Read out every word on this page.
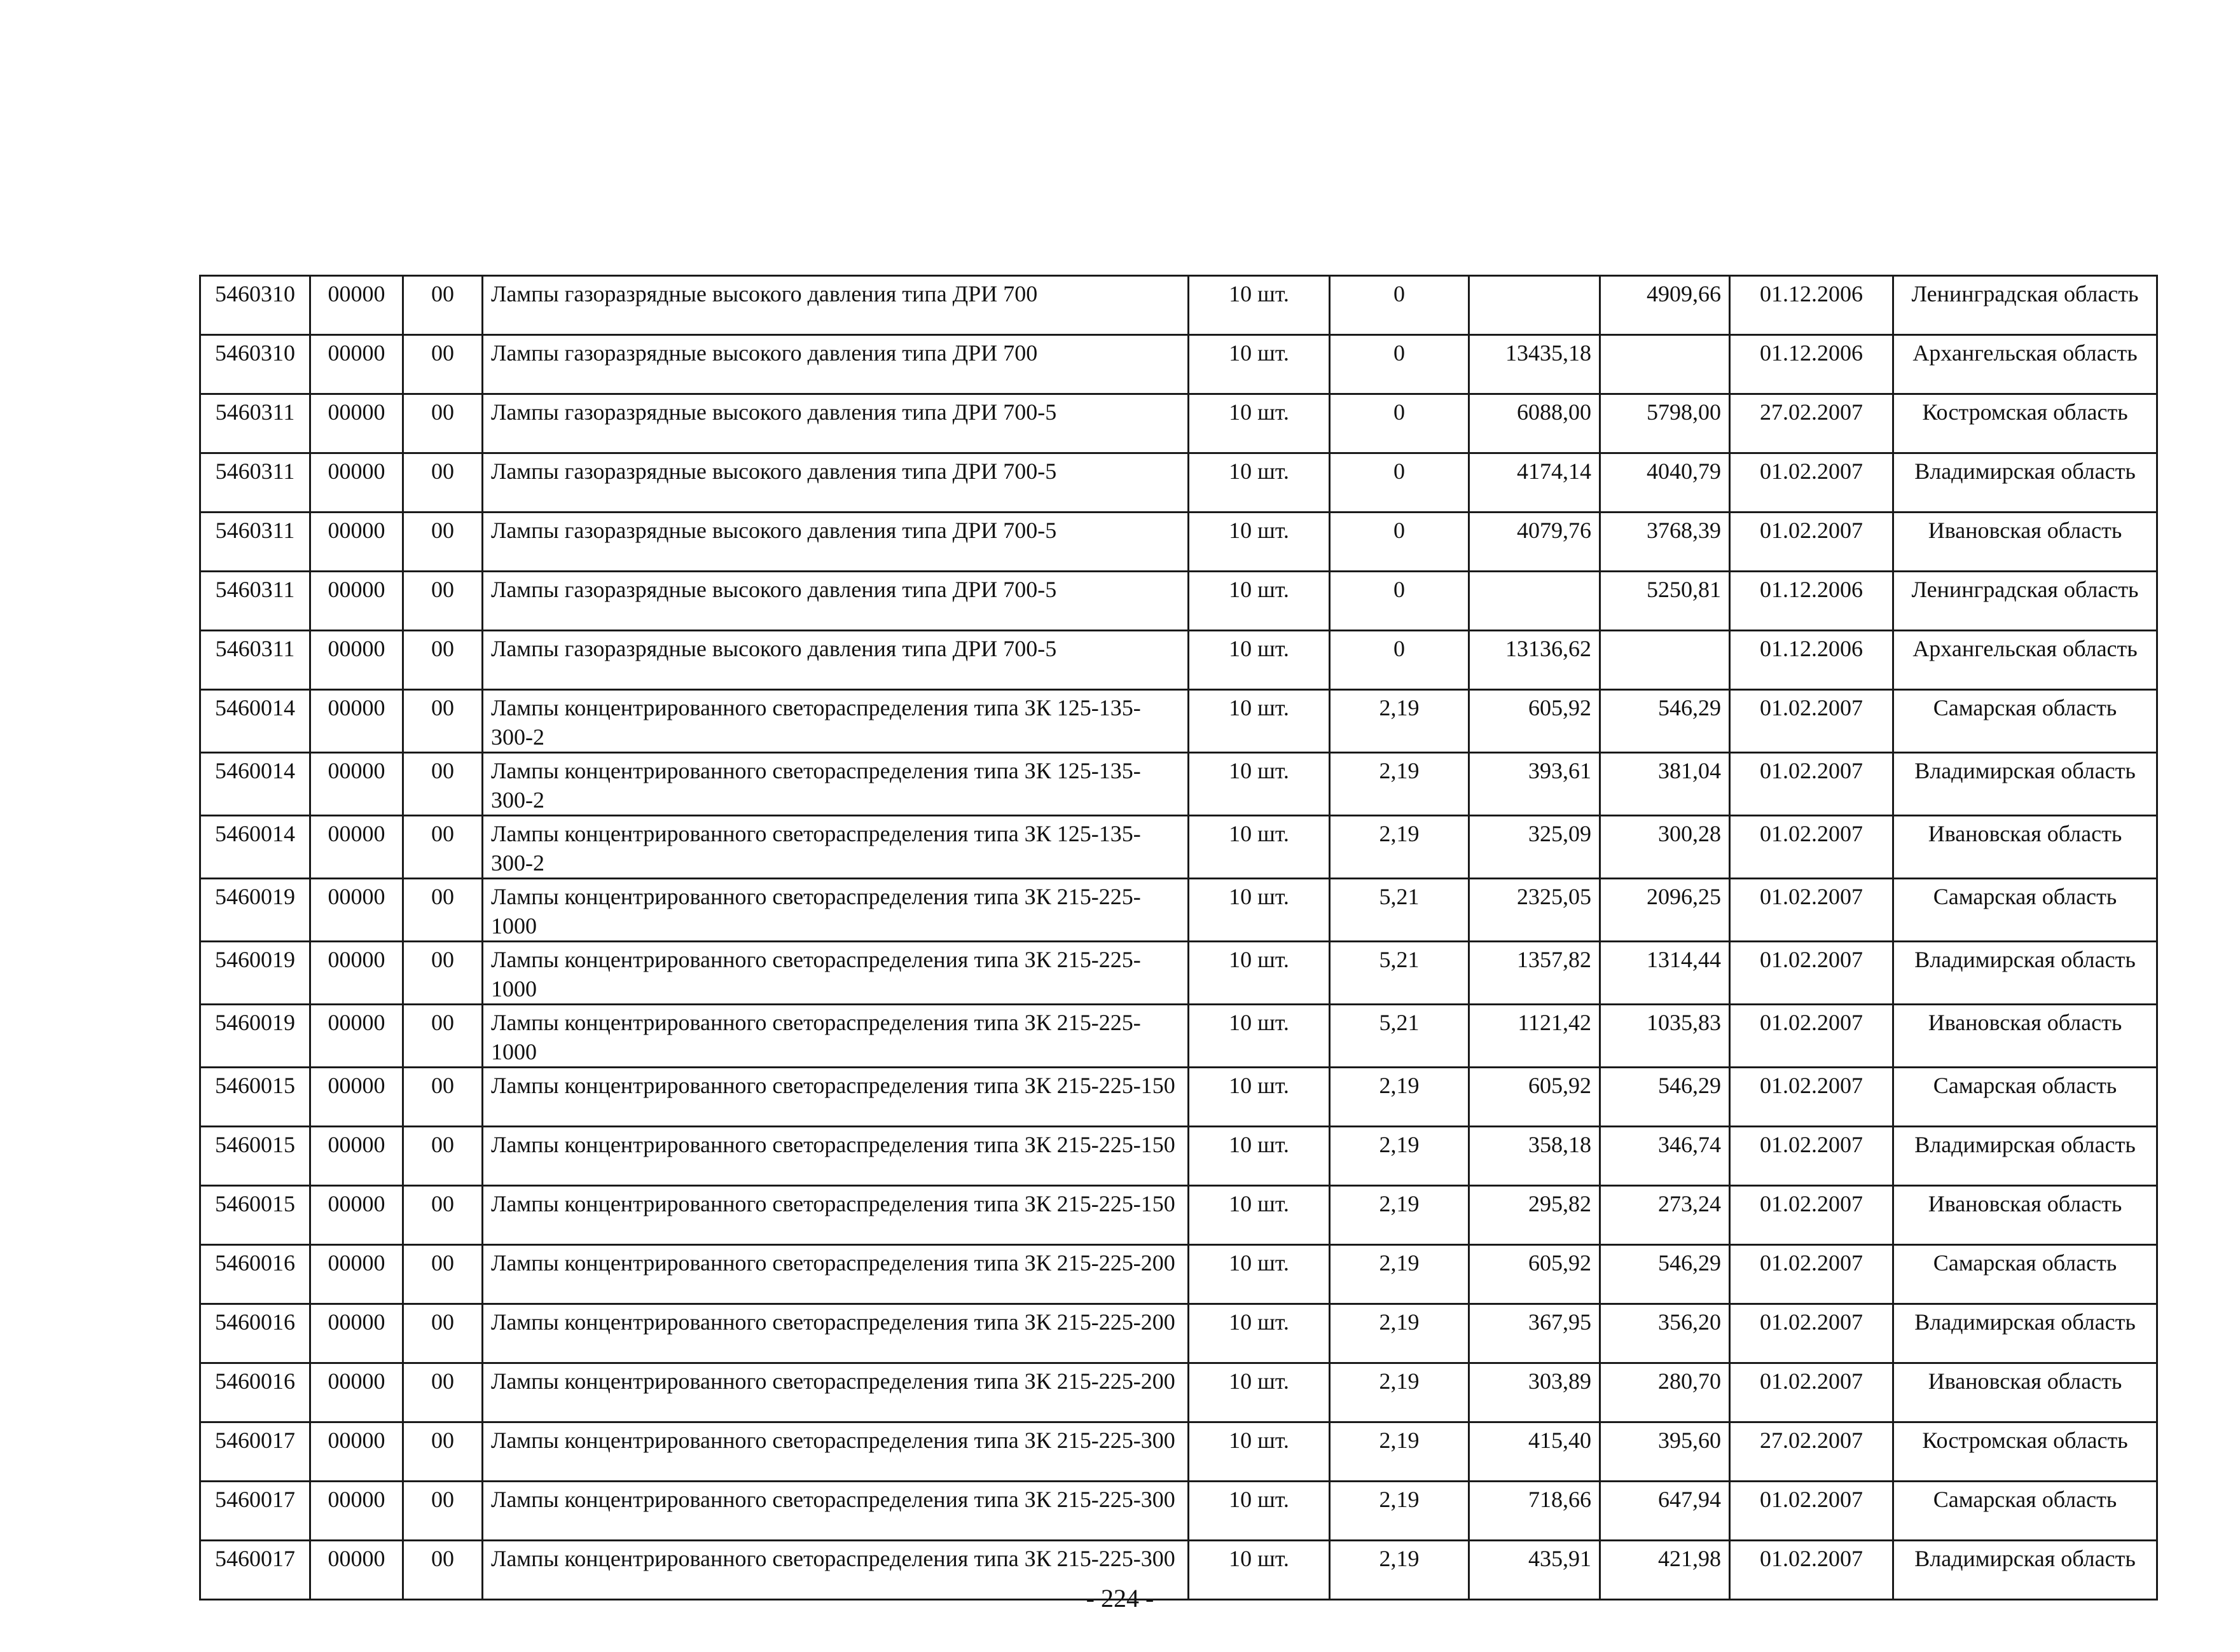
5460310	00000	00	Лампы газоразрядные высокого давления типа ДРИ 700	10 шт.	0		4909,66	01.12.2006	Ленинградская область
5460310	00000	00	Лампы газоразрядные высокого давления типа ДРИ 700	10 шт.	0	13435,18		01.12.2006	Архангельская область
5460311	00000	00	Лампы газоразрядные высокого давления типа ДРИ 700-5	10 шт.	0	6088,00	5798,00	27.02.2007	Костромская область
5460311	00000	00	Лампы газоразрядные высокого давления типа ДРИ 700-5	10 шт.	0	4174,14	4040,79	01.02.2007	Владимирская область
5460311	00000	00	Лампы газоразрядные высокого давления типа ДРИ 700-5	10 шт.	0	4079,76	3768,39	01.02.2007	Ивановская область
5460311	00000	00	Лампы газоразрядные высокого давления типа ДРИ 700-5	10 шт.	0		5250,81	01.12.2006	Ленинградская область
5460311	00000	00	Лампы газоразрядные высокого давления типа ДРИ 700-5	10 шт.	0	13136,62		01.12.2006	Архангельская область
5460014	00000	00	Лампы концентрированного светораспределения типа ЗК 125-135-300-2	10 шт.	2,19	605,92	546,29	01.02.2007	Самарская область
5460014	00000	00	Лампы концентрированного светораспределения типа ЗК 125-135-300-2	10 шт.	2,19	393,61	381,04	01.02.2007	Владимирская область
5460014	00000	00	Лампы концентрированного светораспределения типа ЗК 125-135-300-2	10 шт.	2,19	325,09	300,28	01.02.2007	Ивановская область
5460019	00000	00	Лампы концентрированного светораспределения типа ЗК 215-225-1000	10 шт.	5,21	2325,05	2096,25	01.02.2007	Самарская область
5460019	00000	00	Лампы концентрированного светораспределения типа ЗК 215-225-1000	10 шт.	5,21	1357,82	1314,44	01.02.2007	Владимирская область
5460019	00000	00	Лампы концентрированного светораспределения типа ЗК 215-225-1000	10 шт.	5,21	1121,42	1035,83	01.02.2007	Ивановская область
5460015	00000	00	Лампы концентрированного светораспределения типа ЗК 215-225-150	10 шт.	2,19	605,92	546,29	01.02.2007	Самарская область
5460015	00000	00	Лампы концентрированного светораспределения типа ЗК 215-225-150	10 шт.	2,19	358,18	346,74	01.02.2007	Владимирская область
5460015	00000	00	Лампы концентрированного светораспределения типа ЗК 215-225-150	10 шт.	2,19	295,82	273,24	01.02.2007	Ивановская область
5460016	00000	00	Лампы концентрированного светораспределения типа ЗК 215-225-200	10 шт.	2,19	605,92	546,29	01.02.2007	Самарская область
5460016	00000	00	Лампы концентрированного светораспределения типа ЗК 215-225-200	10 шт.	2,19	367,95	356,20	01.02.2007	Владимирская область
5460016	00000	00	Лампы концентрированного светораспределения типа ЗК 215-225-200	10 шт.	2,19	303,89	280,70	01.02.2007	Ивановская область
5460017	00000	00	Лампы концентрированного светораспределения типа ЗК 215-225-300	10 шт.	2,19	415,40	395,60	27.02.2007	Костромская область
5460017	00000	00	Лампы концентрированного светораспределения типа ЗК 215-225-300	10 шт.	2,19	718,66	647,94	01.02.2007	Самарская область
5460017	00000	00	Лампы концентрированного светораспределения типа ЗК 215-225-300	10 шт.	2,19	435,91	421,98	01.02.2007	Владимирская область
- 224 -
